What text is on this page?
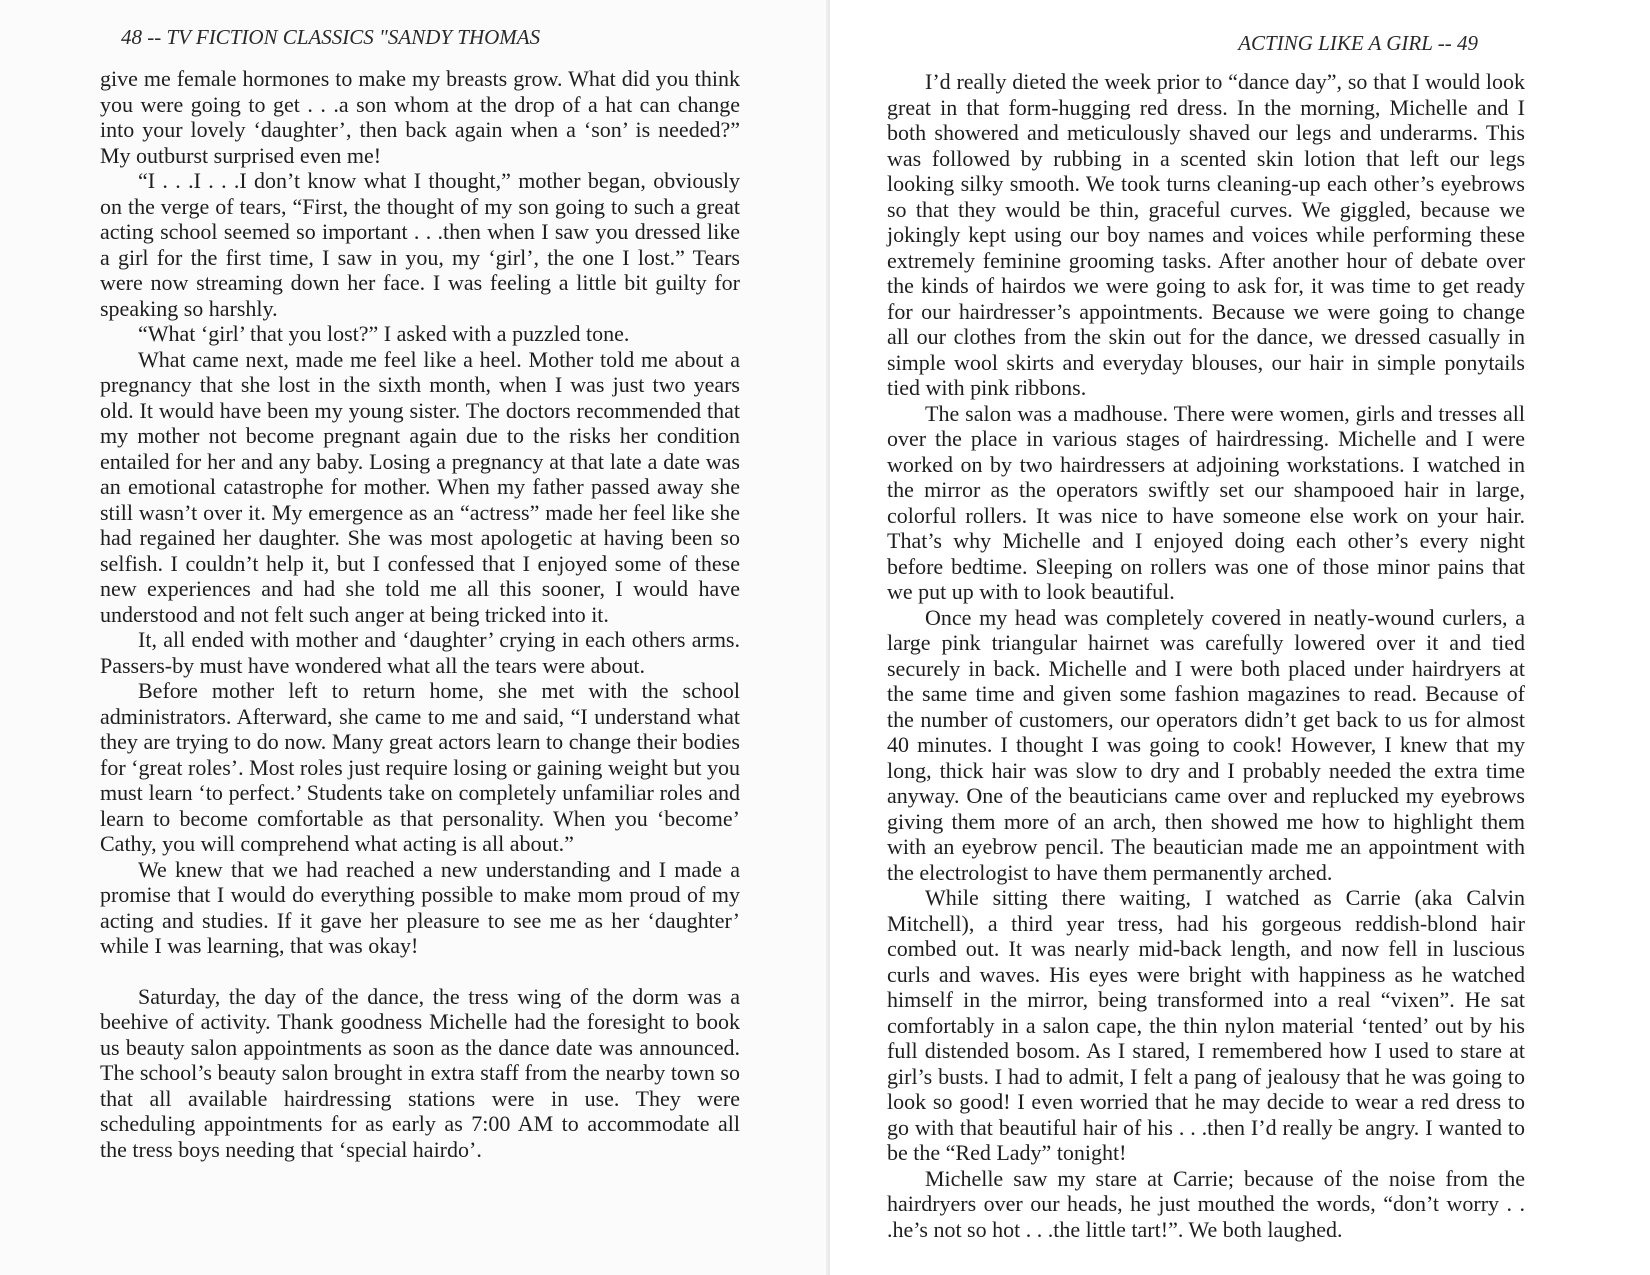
48 -- TV FICTION CLASSICS "SANDY THOMAS

give me female hormones to make my breasts grow. What did you think you were going to get . . .a son whom at the drop of a hat can change into your lovely ‘daughter’, then back again when a ‘son’ is needed?” My outburst surprised even me!

“I . . .I . . .I don’t know what I thought,” mother began, obviously on the verge of tears, “First, the thought of my son going to such a great acting school seemed so important . . .then when I saw you dressed like a girl for the first time, I saw in you, my ‘girl’, the one I lost.” Tears were now streaming down her face. I was feeling a little bit guilty for speaking so harshly.

“What ‘girl’ that you lost?” I asked with a puzzled tone.

What came next, made me feel like a heel. Mother told me about a pregnancy that she lost in the sixth month, when I was just two years old. It would have been my young sister. The doctors recommended that my mother not become pregnant again due to the risks her condition entailed for her and any baby. Losing a pregnancy at that late a date was an emotional catastrophe for mother. When my father passed away she still wasn’t over it. My emergence as an “actress” made her feel like she had regained her daughter. She was most apologetic at having been so selfish. I couldn’t help it, but I confessed that I enjoyed some of these new experiences and had she told me all this sooner, I would have understood and not felt such anger at being tricked into it.

It, all ended with mother and ‘daughter’ crying in each others arms. Passers-by must have wondered what all the tears were about.

Before mother left to return home, she met with the school administrators. Afterward, she came to me and said, “I understand what they are trying to do now. Many great actors learn to change their bodies for ‘great roles’. Most roles just require losing or gaining weight but you must learn ‘to perfect.’ Students take on completely unfamiliar roles and learn to become comfortable as that personality. When you ‘become’ Cathy, you will comprehend what acting is all about.”

We knew that we had reached a new understanding and I made a promise that I would do everything possible to make mom proud of my acting and studies. If it gave her pleasure to see me as her ‘daughter’ while I was learning, that was okay!

Saturday, the day of the dance, the tress wing of the dorm was a beehive of activity. Thank goodness Michelle had the foresight to book us beauty salon appointments as soon as the dance date was announced. The school’s beauty salon brought in extra staff from the nearby town so that all available hairdressing stations were in use. They were scheduling appointments for as early as 7:00 AM to accommodate all the tress boys needing that ‘special hairdo’.

ACTING LIKE A GIRL -- 49

I’d really dieted the week prior to “dance day”, so that I would look great in that form-hugging red dress. In the morning, Michelle and I both showered and meticulously shaved our legs and underarms. This was followed by rubbing in a scented skin lotion that left our legs looking silky smooth. We took turns cleaning-up each other’s eyebrows so that they would be thin, graceful curves. We giggled, because we jokingly kept using our boy names and voices while performing these extremely feminine grooming tasks. After another hour of debate over the kinds of hairdos we were going to ask for, it was time to get ready for our hairdresser’s appointments. Because we were going to change all our clothes from the skin out for the dance, we dressed casually in simple wool skirts and everyday blouses, our hair in simple ponytails tied with pink ribbons.

The salon was a madhouse. There were women, girls and tresses all over the place in various stages of hairdressing. Michelle and I were worked on by two hairdressers at adjoining workstations. I watched in the mirror as the operators swiftly set our shampooed hair in large, colorful rollers. It was nice to have someone else work on your hair. That’s why Michelle and I enjoyed doing each other’s every night before bedtime. Sleeping on rollers was one of those minor pains that we put up with to look beautiful.

Once my head was completely covered in neatly-wound curlers, a large pink triangular hairnet was carefully lowered over it and tied securely in back. Michelle and I were both placed under hairdryers at the same time and given some fashion magazines to read. Because of the number of customers, our operators didn’t get back to us for almost 40 minutes. I thought I was going to cook! However, I knew that my long, thick hair was slow to dry and I probably needed the extra time anyway. One of the beauticians came over and replucked my eyebrows giving them more of an arch, then showed me how to highlight them with an eyebrow pencil. The beautician made me an appointment with the electrologist to have them permanently arched.

While sitting there waiting, I watched as Carrie (aka Calvin Mitchell), a third year tress, had his gorgeous reddish-blond hair combed out. It was nearly mid-back length, and now fell in luscious curls and waves. His eyes were bright with happiness as he watched himself in the mirror, being transformed into a real “vixen”. He sat comfortably in a salon cape, the thin nylon material ‘tented’ out by his full distended bosom. As I stared, I remembered how I used to stare at girl’s busts. I had to admit, I felt a pang of jealousy that he was going to look so good! I even worried that he may decide to wear a red dress to go with that beautiful hair of his . . .then I’d really be angry. I wanted to be the “Red Lady” tonight!

Michelle saw my stare at Carrie; because of the noise from the hairdryers over our heads, he just mouthed the words, “don’t worry . . .he’s not so hot . . .the little tart!”. We both laughed.
